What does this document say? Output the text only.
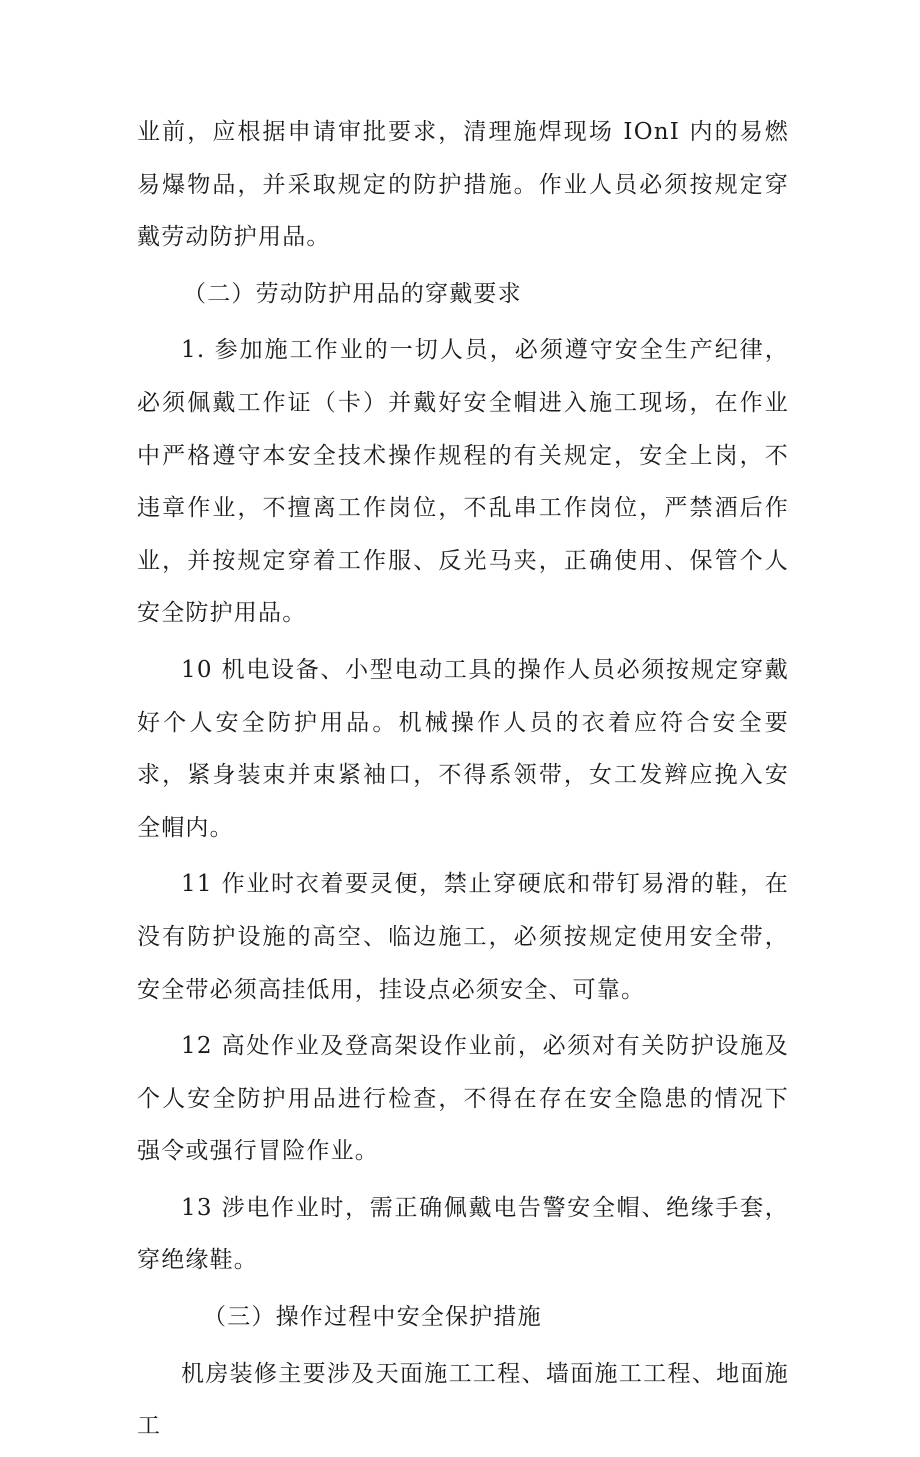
业前，应根据申请审批要求，清理施焊现场 IOnI 内的易燃易爆物品，并采取规定的防护措施。作业人员必须按规定穿戴劳动防护用品。

（二）劳动防护用品的穿戴要求

1. 参加施工作业的一切人员，必须遵守安全生产纪律，必须佩戴工作证（卡）并戴好安全帽进入施工现场，在作业中严格遵守本安全技术操作规程的有关规定，安全上岗，不违章作业，不擅离工作岗位，不乱串工作岗位，严禁酒后作业，并按规定穿着工作服、反光马夹，正确使用、保管个人安全防护用品。

10 机电设备、小型电动工具的操作人员必须按规定穿戴好个人安全防护用品。机械操作人员的衣着应符合安全要求，紧身装束并束紧袖口，不得系领带，女工发辫应挽入安全帽内。

11 作业时衣着要灵便，禁止穿硬底和带钉易滑的鞋，在没有防护设施的高空、临边施工，必须按规定使用安全带，安全带必须高挂低用，挂设点必须安全、可靠。

12 高处作业及登高架设作业前，必须对有关防护设施及个人安全防护用品进行检查，不得在存在安全隐患的情况下强令或强行冒险作业。

13 涉电作业时，需正确佩戴电告警安全帽、绝缘手套，穿绝缘鞋。

（三）操作过程中安全保护措施

机房装修主要涉及天面施工工程、墙面施工工程、地面施工
